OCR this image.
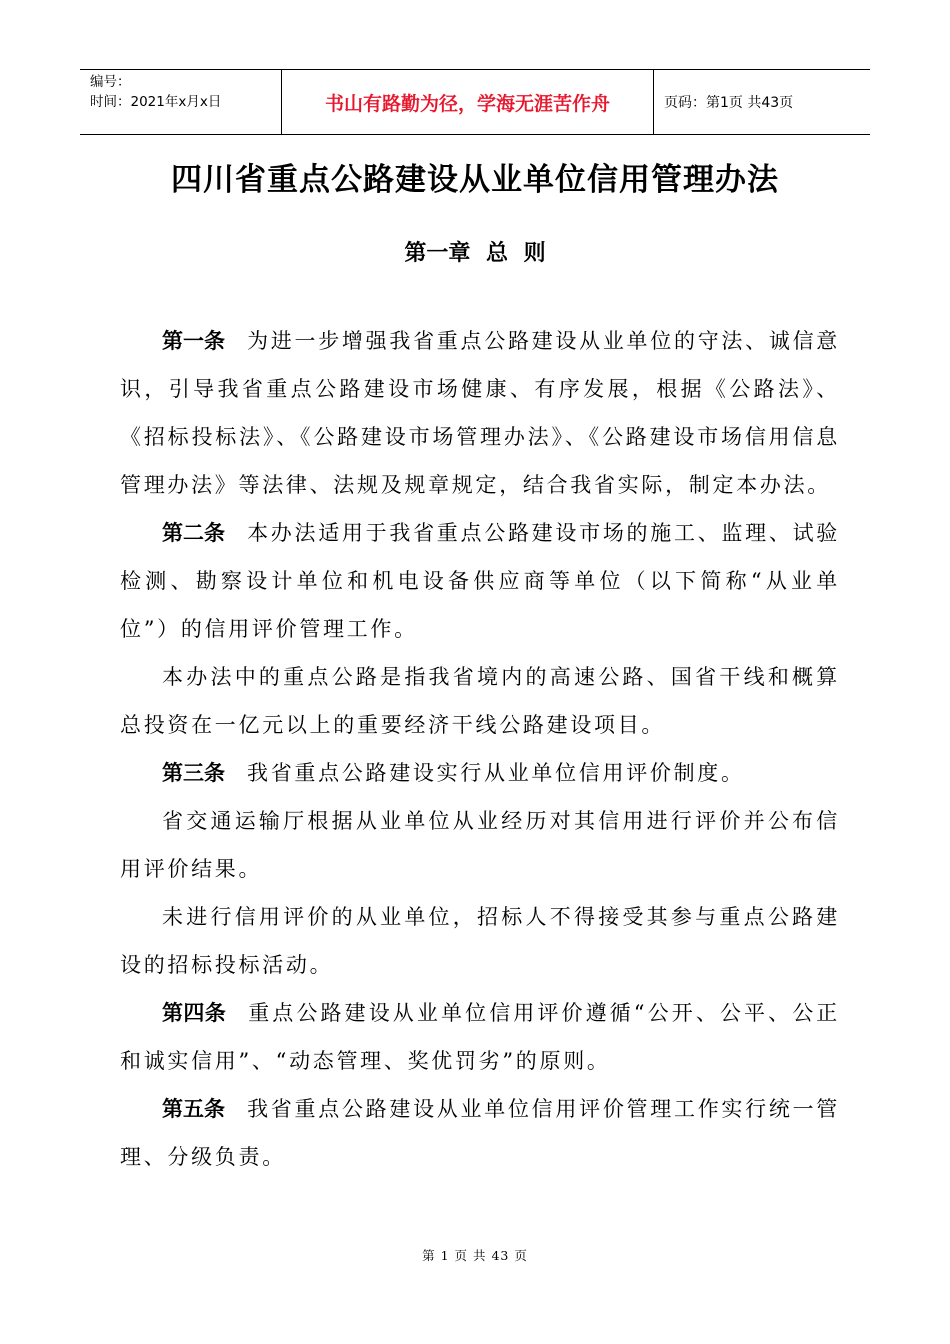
编号：
时间：2021年x月x日	书山有路勤为径，学海无涯苦作舟	页码：第1页 共43页
四川省重点公路建设从业单位信用管理办法
第一章 总 则

第一条 为进一步增强我省重点公路建设从业单位的守法、诚信意识，引导我省重点公路建设市场健康、有序发展，根据《公路法》、《招标投标法》、《公路建设市场管理办法》、《公路建设市场信用信息管理办法》等法律、法规及规章规定，结合我省实际，制定本办法。

第二条 本办法适用于我省重点公路建设市场的施工、监理、试验检测、勘察设计单位和机电设备供应商等单位（以下简称“从业单位”）的信用评价管理工作。

本办法中的重点公路是指我省境内的高速公路、国省干线和概算总投资在一亿元以上的重要经济干线公路建设项目。

第三条 我省重点公路建设实行从业单位信用评价制度。

省交通运输厅根据从业单位从业经历对其信用进行评价并公布信用评价结果。

未进行信用评价的从业单位，招标人不得接受其参与重点公路建设的招标投标活动。

第四条 重点公路建设从业单位信用评价遵循“公开、公平、公正和诚实信用”、“动态管理、奖优罚劣”的原则。

第五条 我省重点公路建设从业单位信用评价管理工作实行统一管理、分级负责。

第 1 页 共 43 页
